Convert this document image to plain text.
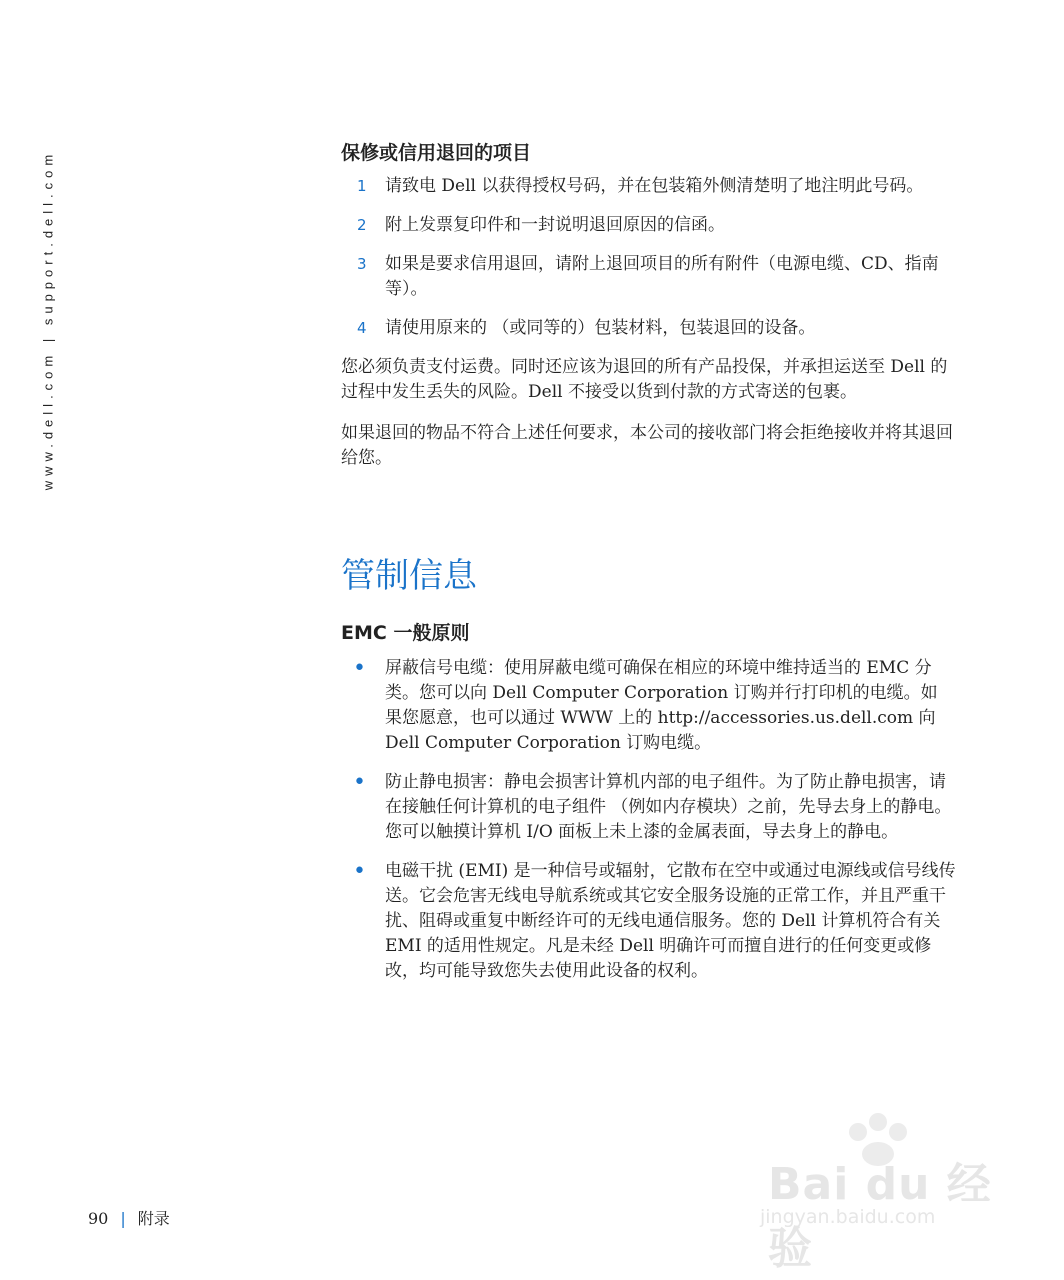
www.dell.com | support.dell.com	保修或信用退回的项目
1 请致电 Dell 以获得授权号码，并在包装箱外侧清楚明了地注明此号码。
2 附上发票复印件和一封说明退回原因的信函。
3 如果是要求信用退回，请附上退回项目的所有附件（电源电缆、CD、指南等）。
4 请使用原来的 （或同等的）包装材料，包装退回的设备。

您必须负责支付运费。同时还应该为退回的所有产品投保，并承担运送至 Dell 的过程中发生丢失的风险。Dell 不接受以货到付款的方式寄送的包裹。

如果退回的物品不符合上述任何要求，本公司的接收部门将会拒绝接收并将其退回给您。

管制信息
EMC 一般原则
• 屏蔽信号电缆：使用屏蔽电缆可确保在相应的环境中维持适当的 EMC 分类。您可以向 Dell Computer Corporation 订购并行打印机的电缆。如果您愿意，也可以通过 WWW 上的 http://accessories.us.dell.com 向 Dell Computer Corporation 订购电缆。
• 防止静电损害：静电会损害计算机内部的电子组件。为了防止静电损害，请在接触任何计算机的电子组件 （例如内存模块）之前，先导去身上的静电。您可以触摸计算机 I/O 面板上未上漆的金属表面，导去身上的静电。
• 电磁干扰 (EMI) 是一种信号或辐射，它散布在空中或通过电源线或信号线传送。它会危害无线电导航系统或其它安全服务设施的正常工作，并且严重干扰、阻碍或重复中断经许可的无线电通信服务。您的 Dell 计算机符合有关 EMI 的适用性规定。凡是未经 Dell 明确许可而擅自进行的任何变更或修改，均可能导致您失去使用此设备的权利。
90 | 附录
Bai du 经验
jingyan.baidu.com
